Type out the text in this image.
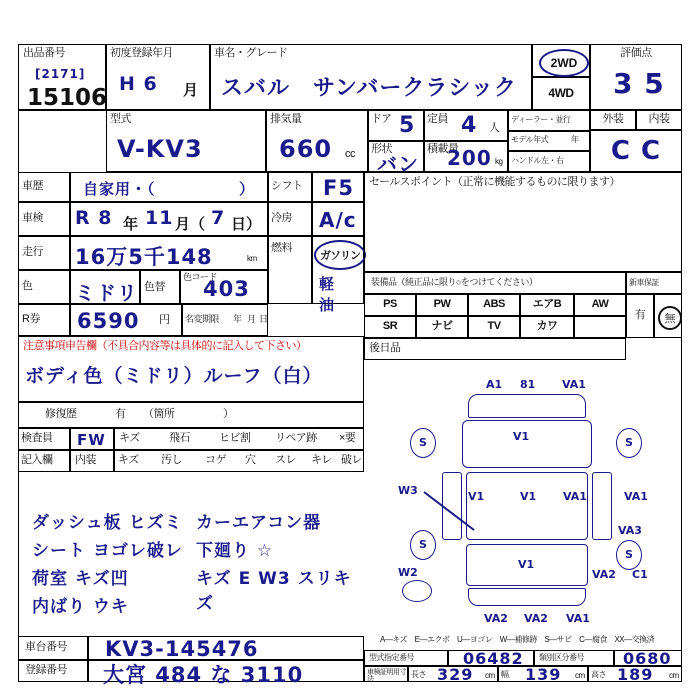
出品番号
[2171]
15106
初度登録年月
H 6 月
車名・グレード
スバル　サンバークラシック
2WD
4WD
評価点
3 5
型式
V-KV3
排気量
660 cc
ドア 5 定員 4 人
形状
バン
積載量
200 kg
ディーラー・並行
モデル年式	年
ハンドル左・右
外装	内装
C C
車歴	自家用・（	）
車検 R 8 年 11 月（ 7 日）
走行 16万5千148	km
色 ミドリ 色替
色コード
403
R券 6590 円 名変期限 年 月 日
シフト F5
冷房 A/c
燃料
ガソリン
軽　油
セールスポイント（正常に機能するものに限ります）
装備品（純正品に限り○をつけてください）	新車保証
PS	PW	ABS	エアB	AW
SR	ナビ	TV	カワ
有	無
後日品
注意事項申告欄（不具合内容等は具体的に記入して下さい）
ボディ色（ミドリ）ルーフ（白）
修復歴	有 （箇所	）
検査員 FW キズ	飛石	ヒビ割 リペア跡 ×要
記入欄 内装 キズ 汚し コゲ 穴 スレ キレ 破レ
ダッシュ板 ヒズミ カーエアコン器
シート ヨゴレ破レ 下廻り ☆
荷室 キズ凹	キズ E W3 スリキズ
内ばり ウキ
A1 81 VA1
S	V1	S
W3	V1	V1 VA1	VA1
S
VA3
S
V1
W2	VA2 C1
VA2 VA2 VA1
A—キズ　E—エクボ　U—ヨゴレ　W—補修跡　S—サビ　C—腐食　XX—交換済
車台番号 KV3-145476
登録番号 大宮 484 な 3110
型式指定番号	06482 類別区分番号 0680
車検証明用寸法
長さ 329 cm 幅 139 cm 高さ 189 cm
